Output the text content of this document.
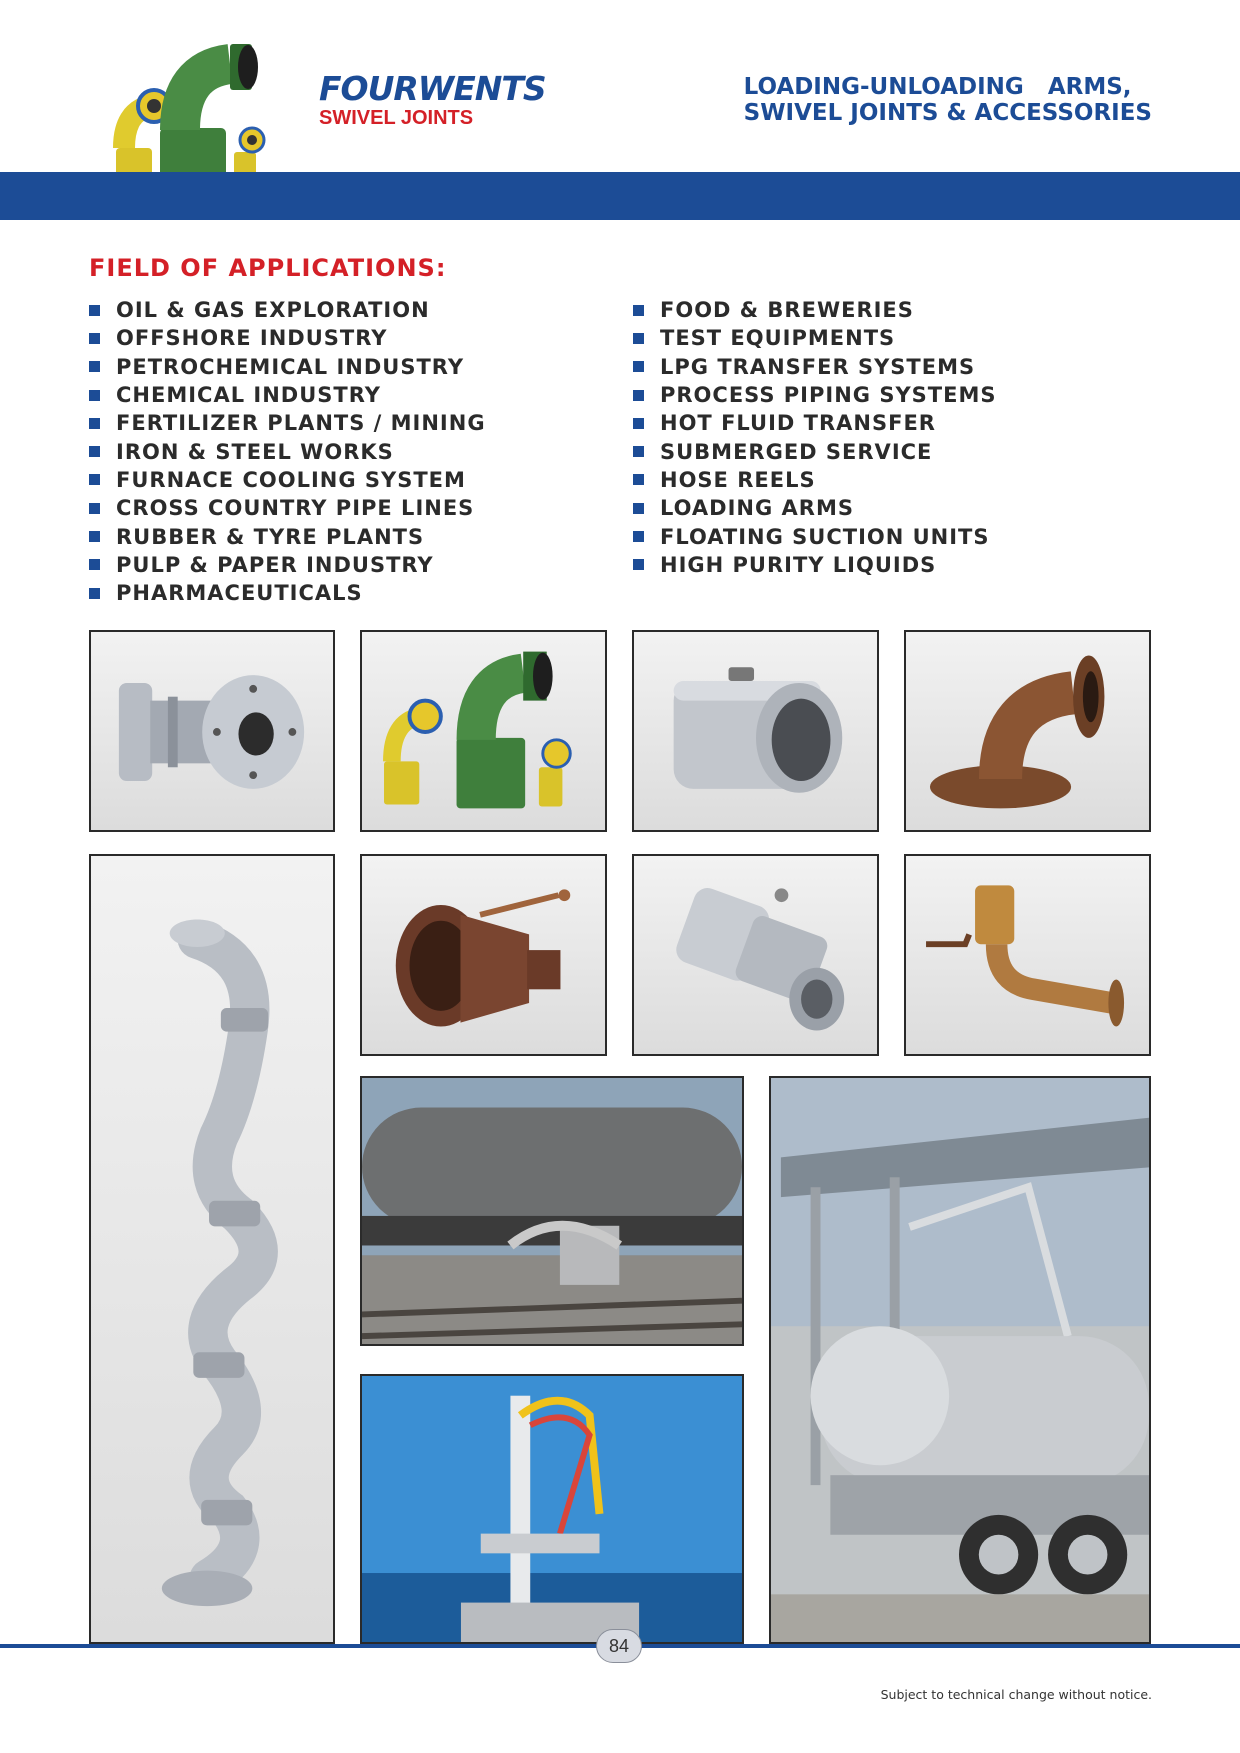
FOURWENTS
SWIVEL JOINTS
LOADING-UNLOADING   ARMS,
SWIVEL JOINTS & ACCESSORIES
FIELD OF APPLICATIONS:
OIL & GAS EXPLORATION
OFFSHORE INDUSTRY
PETROCHEMICAL INDUSTRY
CHEMICAL INDUSTRY
FERTILIZER PLANTS / MINING
IRON & STEEL WORKS
FURNACE COOLING SYSTEM
CROSS COUNTRY PIPE LINES
RUBBER & TYRE PLANTS
PULP & PAPER INDUSTRY
PHARMACEUTICALS
FOOD & BREWERIES
TEST EQUIPMENTS
LPG TRANSFER SYSTEMS
PROCESS PIPING SYSTEMS
HOT FLUID TRANSFER
SUBMERGED SERVICE
HOSE REELS
LOADING ARMS
FLOATING SUCTION UNITS
HIGH PURITY LIQUIDS
84
Subject to technical change without notice.
